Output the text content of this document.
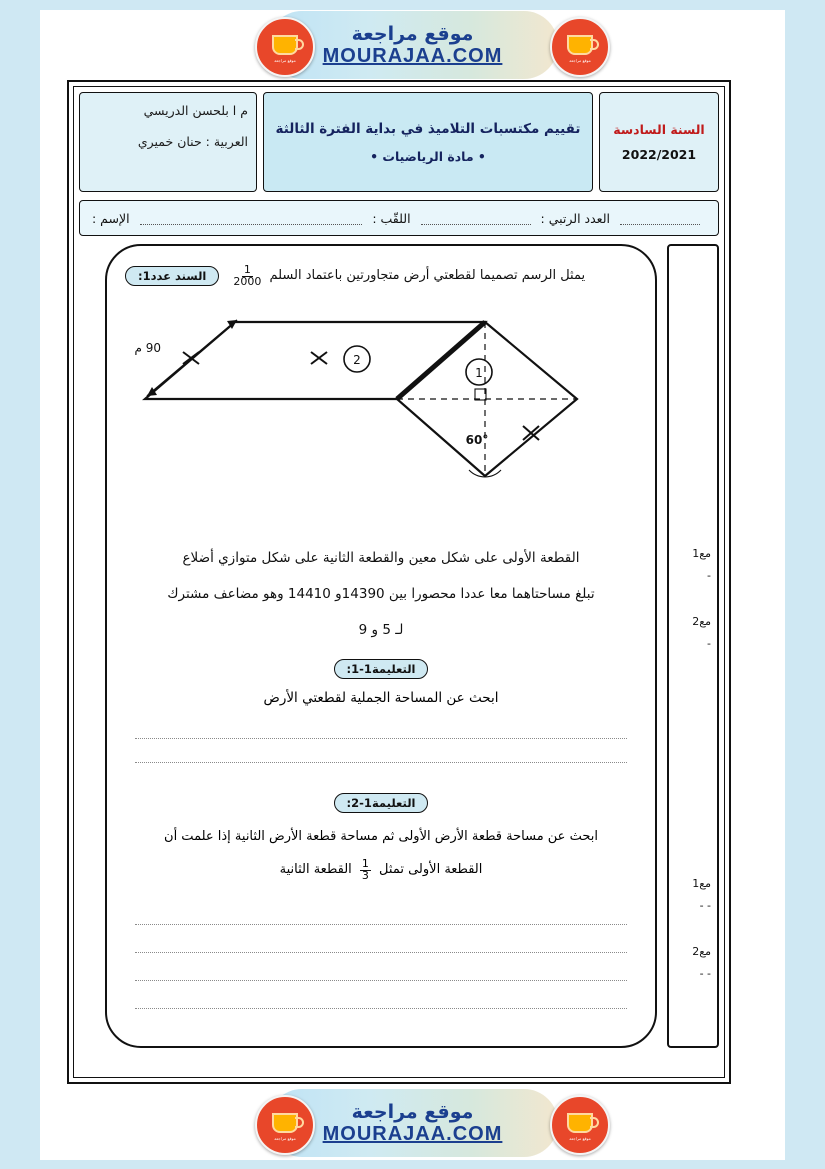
موقع مراجعة
MOURAJAA.COM
موقع مراجعة	موقع مراجعة
م ا بلحسن الدريسي
العربية : حنان خميري
تقييم مكتسبات التلاميذ في بداية الفترة الثالثة
• مادة الرياضيات •
السنة السادسة
2022/2021
الإسم :	اللقّب :	العدد الرتبي :
مع1
-
مع2
-
مع1
- -
مع2
- -
السند عدد1:	يمثل الرسم تصميما لقطعتي أرض متجاورتين باعتماد السلم $\frac{1}{2000}$
90 م
2
1
60°
القطعة الأولى على شكل معين والقطعة الثانية على شكل متوازي أضلاع
تبلغ مساحتاهما معا عددا محصورا بين 14390و 14410 وهو مضاعف مشترك
لـ 5 و 9
التعليمة1-1:
ابحث عن المساحة الجملية لقطعتي الأرض
التعليمة1-2:
ابحث عن مساحة قطعة الأرض الأولى ثم مساحة قطعة الأرض الثانية إذا علمت أن
القطعة الأولى تمثل $\frac{1}{3}$ القطعة الثانية
موقع مراجعة
MOURAJAA.COM
موقع مراجعة	موقع مراجعة
